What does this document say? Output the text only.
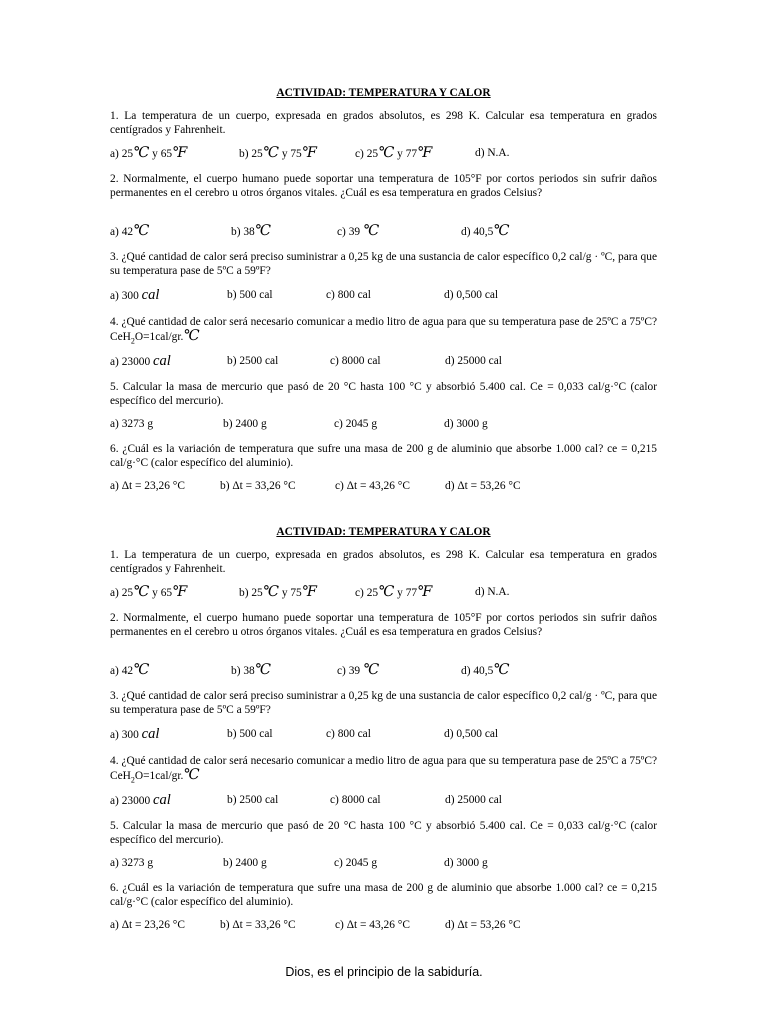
ACTIVIDAD: TEMPERATURA Y CALOR
1. La temperatura de un cuerpo, expresada en grados absolutos, es 298 K. Calcular esa temperatura en grados centígrados y Fahrenheit.
a) 25℃ y 65℉	b) 25℃ y 75℉	c) 25℃ y 77℉	d) N.A.
2. Normalmente, el cuerpo humano puede soportar una temperatura de 105°F por cortos periodos sin sufrir daños permanentes en el cerebro u otros órganos vitales. ¿Cuál es esa temperatura en grados Celsius?
a) 42℃	b) 38℃	c) 39 ℃	d) 40,5℃
3. ¿Qué cantidad de calor será preciso suministrar a 0,25 kg de una sustancia de calor específico 0,2 cal/g · ºC, para que su temperatura pase de 5ºC a 59ºF?
a) 300 cal	b) 500 cal	c) 800 cal	d) 0,500 cal
4. ¿Qué cantidad de calor será necesario comunicar a medio litro de agua para que su temperatura pase de 25ºC a 75ºC? CeH$_2$O=1cal/gr.℃
a) 23000 cal	b) 2500 cal	c) 8000 cal	d) 25000 cal
5. Calcular la masa de mercurio que pasó de 20 °C hasta 100 °C y absorbió 5.400 cal. Ce = 0,033 cal/g·°C (calor específico del mercurio).
a) 3273 g	b) 2400 g	c) 2045 g	d) 3000 g
6. ¿Cuál es la variación de temperatura que sufre una masa de 200 g de aluminio que absorbe 1.000 cal? ce = 0,215 cal/g·°C (calor específico del aluminio).
a) Δt = 23,26 °C	b) Δt = 33,26 °C	c) Δt = 43,26 °C	d) Δt = 53,26 °C
ACTIVIDAD: TEMPERATURA Y CALOR
1. La temperatura de un cuerpo, expresada en grados absolutos, es 298 K. Calcular esa temperatura en grados centígrados y Fahrenheit.
a) 25℃ y 65℉	b) 25℃ y 75℉	c) 25℃ y 77℉	d) N.A.
2. Normalmente, el cuerpo humano puede soportar una temperatura de 105°F por cortos periodos sin sufrir daños permanentes en el cerebro u otros órganos vitales. ¿Cuál es esa temperatura en grados Celsius?
a) 42℃	b) 38℃	c) 39 ℃	d) 40,5℃
3. ¿Qué cantidad de calor será preciso suministrar a 0,25 kg de una sustancia de calor específico 0,2 cal/g · ºC, para que su temperatura pase de 5ºC a 59ºF?
a) 300 cal	b) 500 cal	c) 800 cal	d) 0,500 cal
4. ¿Qué cantidad de calor será necesario comunicar a medio litro de agua para que su temperatura pase de 25ºC a 75ºC? CeH$_2$O=1cal/gr.℃
a) 23000 cal	b) 2500 cal	c) 8000 cal	d) 25000 cal
5. Calcular la masa de mercurio que pasó de 20 °C hasta 100 °C y absorbió 5.400 cal. Ce = 0,033 cal/g·°C (calor específico del mercurio).
a) 3273 g	b) 2400 g	c) 2045 g	d) 3000 g
6. ¿Cuál es la variación de temperatura que sufre una masa de 200 g de aluminio que absorbe 1.000 cal? ce = 0,215 cal/g·°C (calor específico del aluminio).
a) Δt = 23,26 °C	b) Δt = 33,26 °C	c) Δt = 43,26 °C	d) Δt = 53,26 °C
Dios, es el principio de la sabiduría.
